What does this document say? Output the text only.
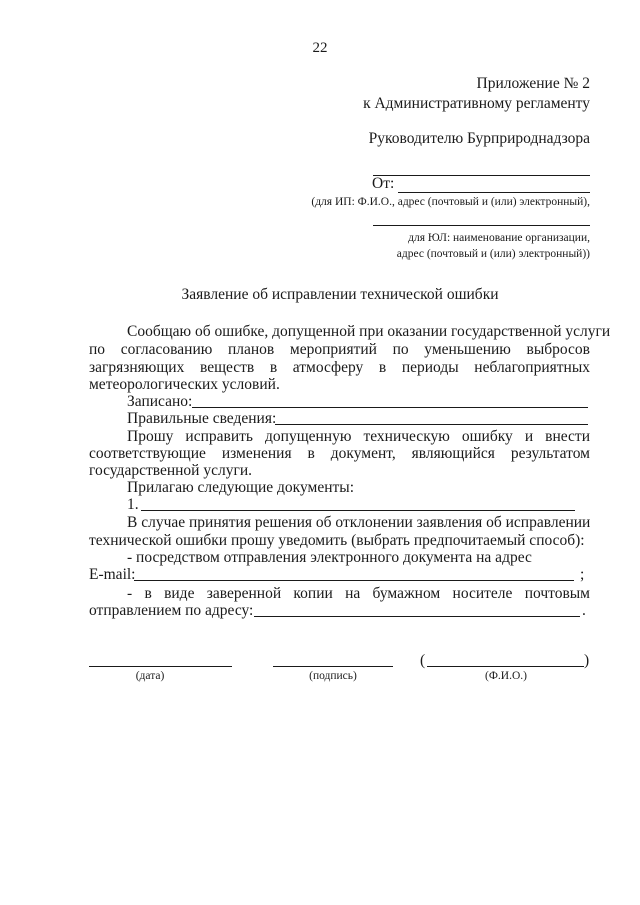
22
Приложение № 2
к Административному регламенту
Руководителю Бурприроднадзора
От:
(для ИП: Ф.И.О., адрес (почтовый и (или) электронный),
для ЮЛ: наименование организации,
адрес (почтовый и (или) электронный))
Заявление об исправлении технической ошибки
Сообщаю об ошибке, допущенной при оказании государственной услуги
по согласованию планов мероприятий по уменьшению выбросов
загрязняющих веществ в атмосферу в периоды неблагоприятных
метеорологических условий.
Записано:
Правильные сведения:
Прошу исправить допущенную техническую ошибку и внести
соответствующие изменения в документ, являющийся результатом
государственной услуги.
Прилагаю следующие документы:
1.
В случае принятия решения об отклонении заявления об исправлении
технической ошибки прошу уведомить (выбрать предпочитаемый способ):
- посредством отправления электронного документа на адрес
E-mail:	;
- в виде заверенной копии на бумажном носителе почтовым
отправлением по адресу:	.
(	)
(дата)	(подпись)	(Ф.И.О.)
